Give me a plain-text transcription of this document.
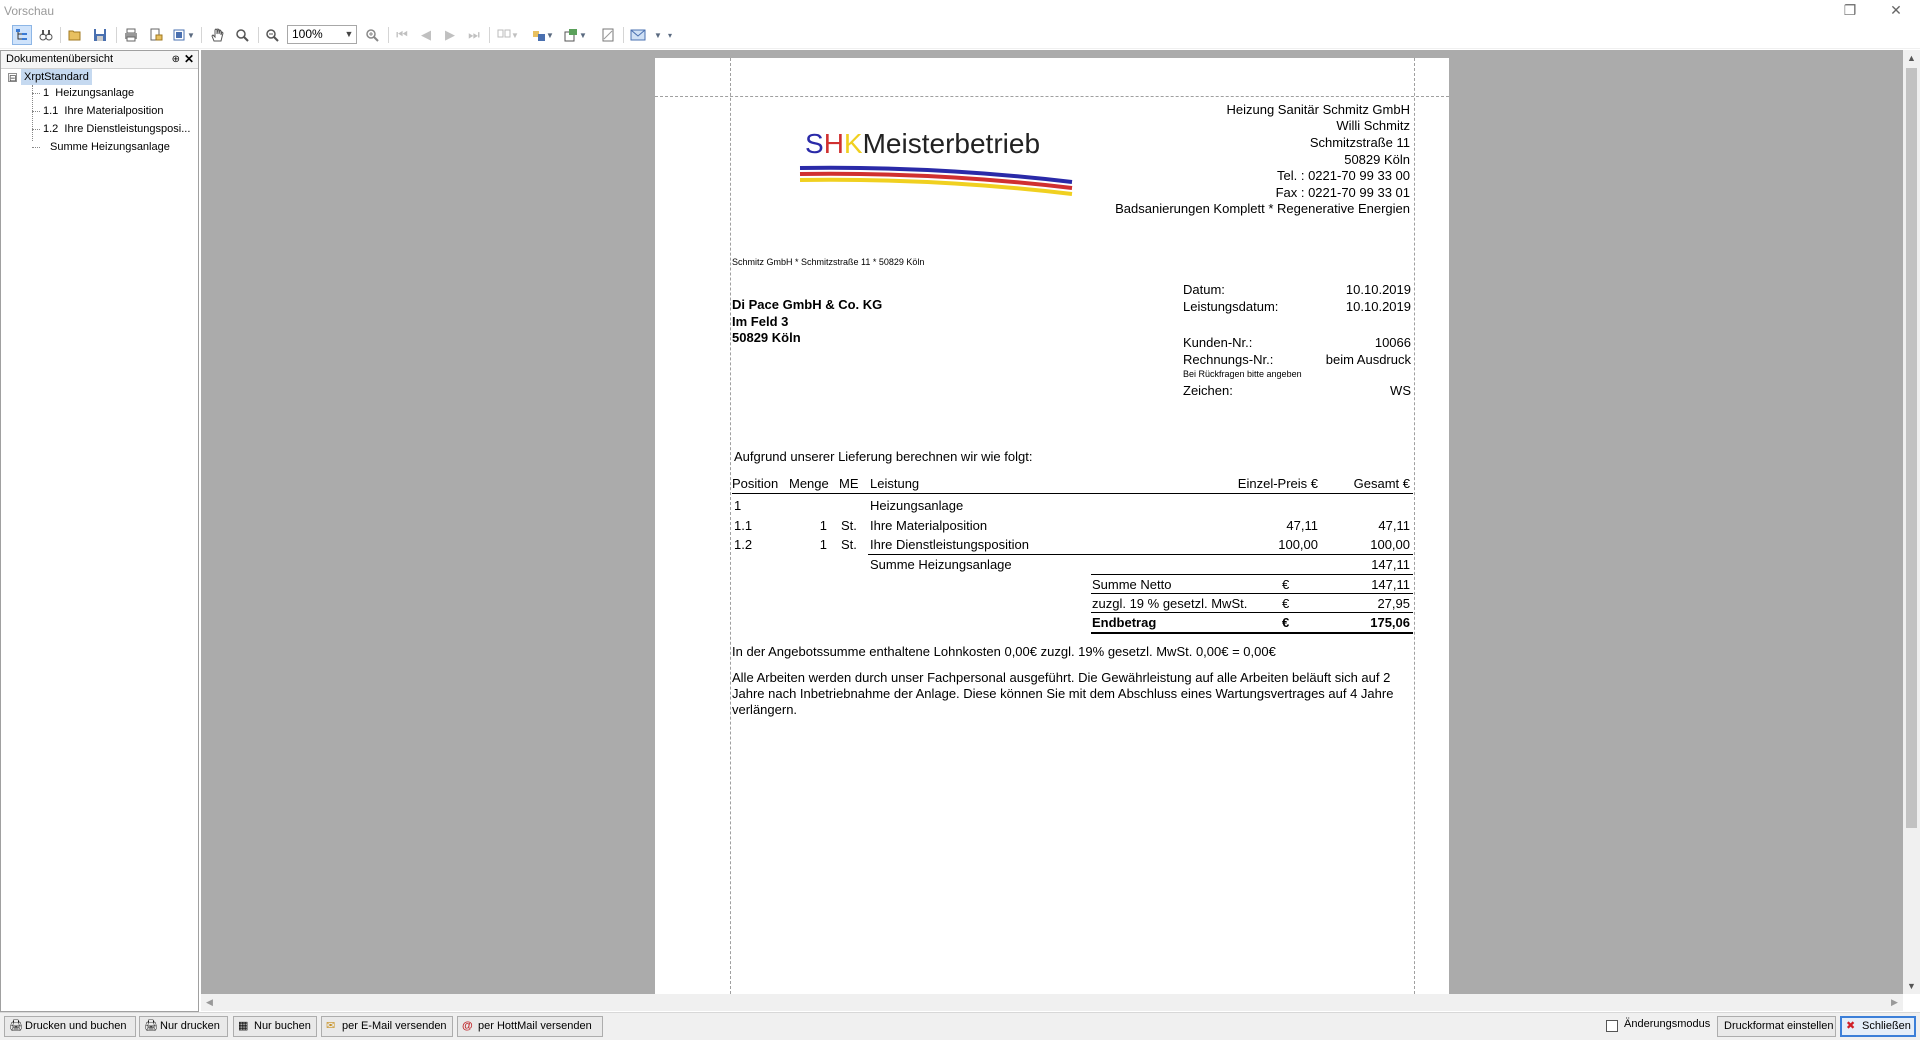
Vorschau	❐	✕
▼	100% ▼	⏮	◀	▶	⏭	▼	▼	▼	▼ ▾
Dokumentenübersicht	⊕ ✕
⊟ XrptStandard
1 Heizungsanlage
1.1 Ihre Materialposition
1.2 Ihre Dienstleistungsposi...
Summe Heizungsanlage	SHKMeisterbetrieb
Heizung Sanitär Schmitz GmbH
Willi Schmitz
Schmitzstraße 11
50829 Köln
Tel. : 0221-70 99 33 00
Fax : 0221-70 99 33 01
Badsanierungen Komplett * Regenerative Energien
Schmitz GmbH * Schmitzstraße 11 * 50829 Köln
Di Pace GmbH & Co. KG
Im Feld 3
50829 Köln
Datum:	10.10.2019
Leistungsdatum:	10.10.2019
Kunden-Nr.:	10066
Rechnungs-Nr.:	beim Ausdruck
Bei Rückfragen bitte angeben
Zeichen:	WS
Aufgrund unserer Lieferung berechnen wir wie folgt:
Position Menge ME Leistung	Einzel-Preis €	Gesamt €
1	Heizungsanlage
1.1	1 St. Ihre Materialposition	47,11	47,11
1.2	1 St. Ihre Dienstleistungsposition	100,00	100,00
Summe Heizungsanlage	147,11
Summe Netto	€	147,11
zuzgl. 19 % gesetzl. MwSt.	€	27,95
Endbetrag	€	175,06
In der Angebotssumme enthaltene Lohnkosten 0,00€ zuzgl. 19% gesetzl. MwSt. 0,00€ = 0,00€
Alle Arbeiten werden durch unser Fachpersonal ausgeführt. Die Gewährleistung auf alle Arbeiten beläuft sich auf 2
Jahre nach Inbetriebnahme der Anlage. Diese können Sie mit dem Abschluss eines Wartungsvertrages auf 4 Jahre
verlängern.
▲
▼
◀	▶
🖨 Drucken und buchen	🖨 Nur drucken	▦ Nur buchen	✉ per E-Mail versenden	@ per HottMail versenden	Änderungsmodus	Druckformat einstellen ✖ Schließen
